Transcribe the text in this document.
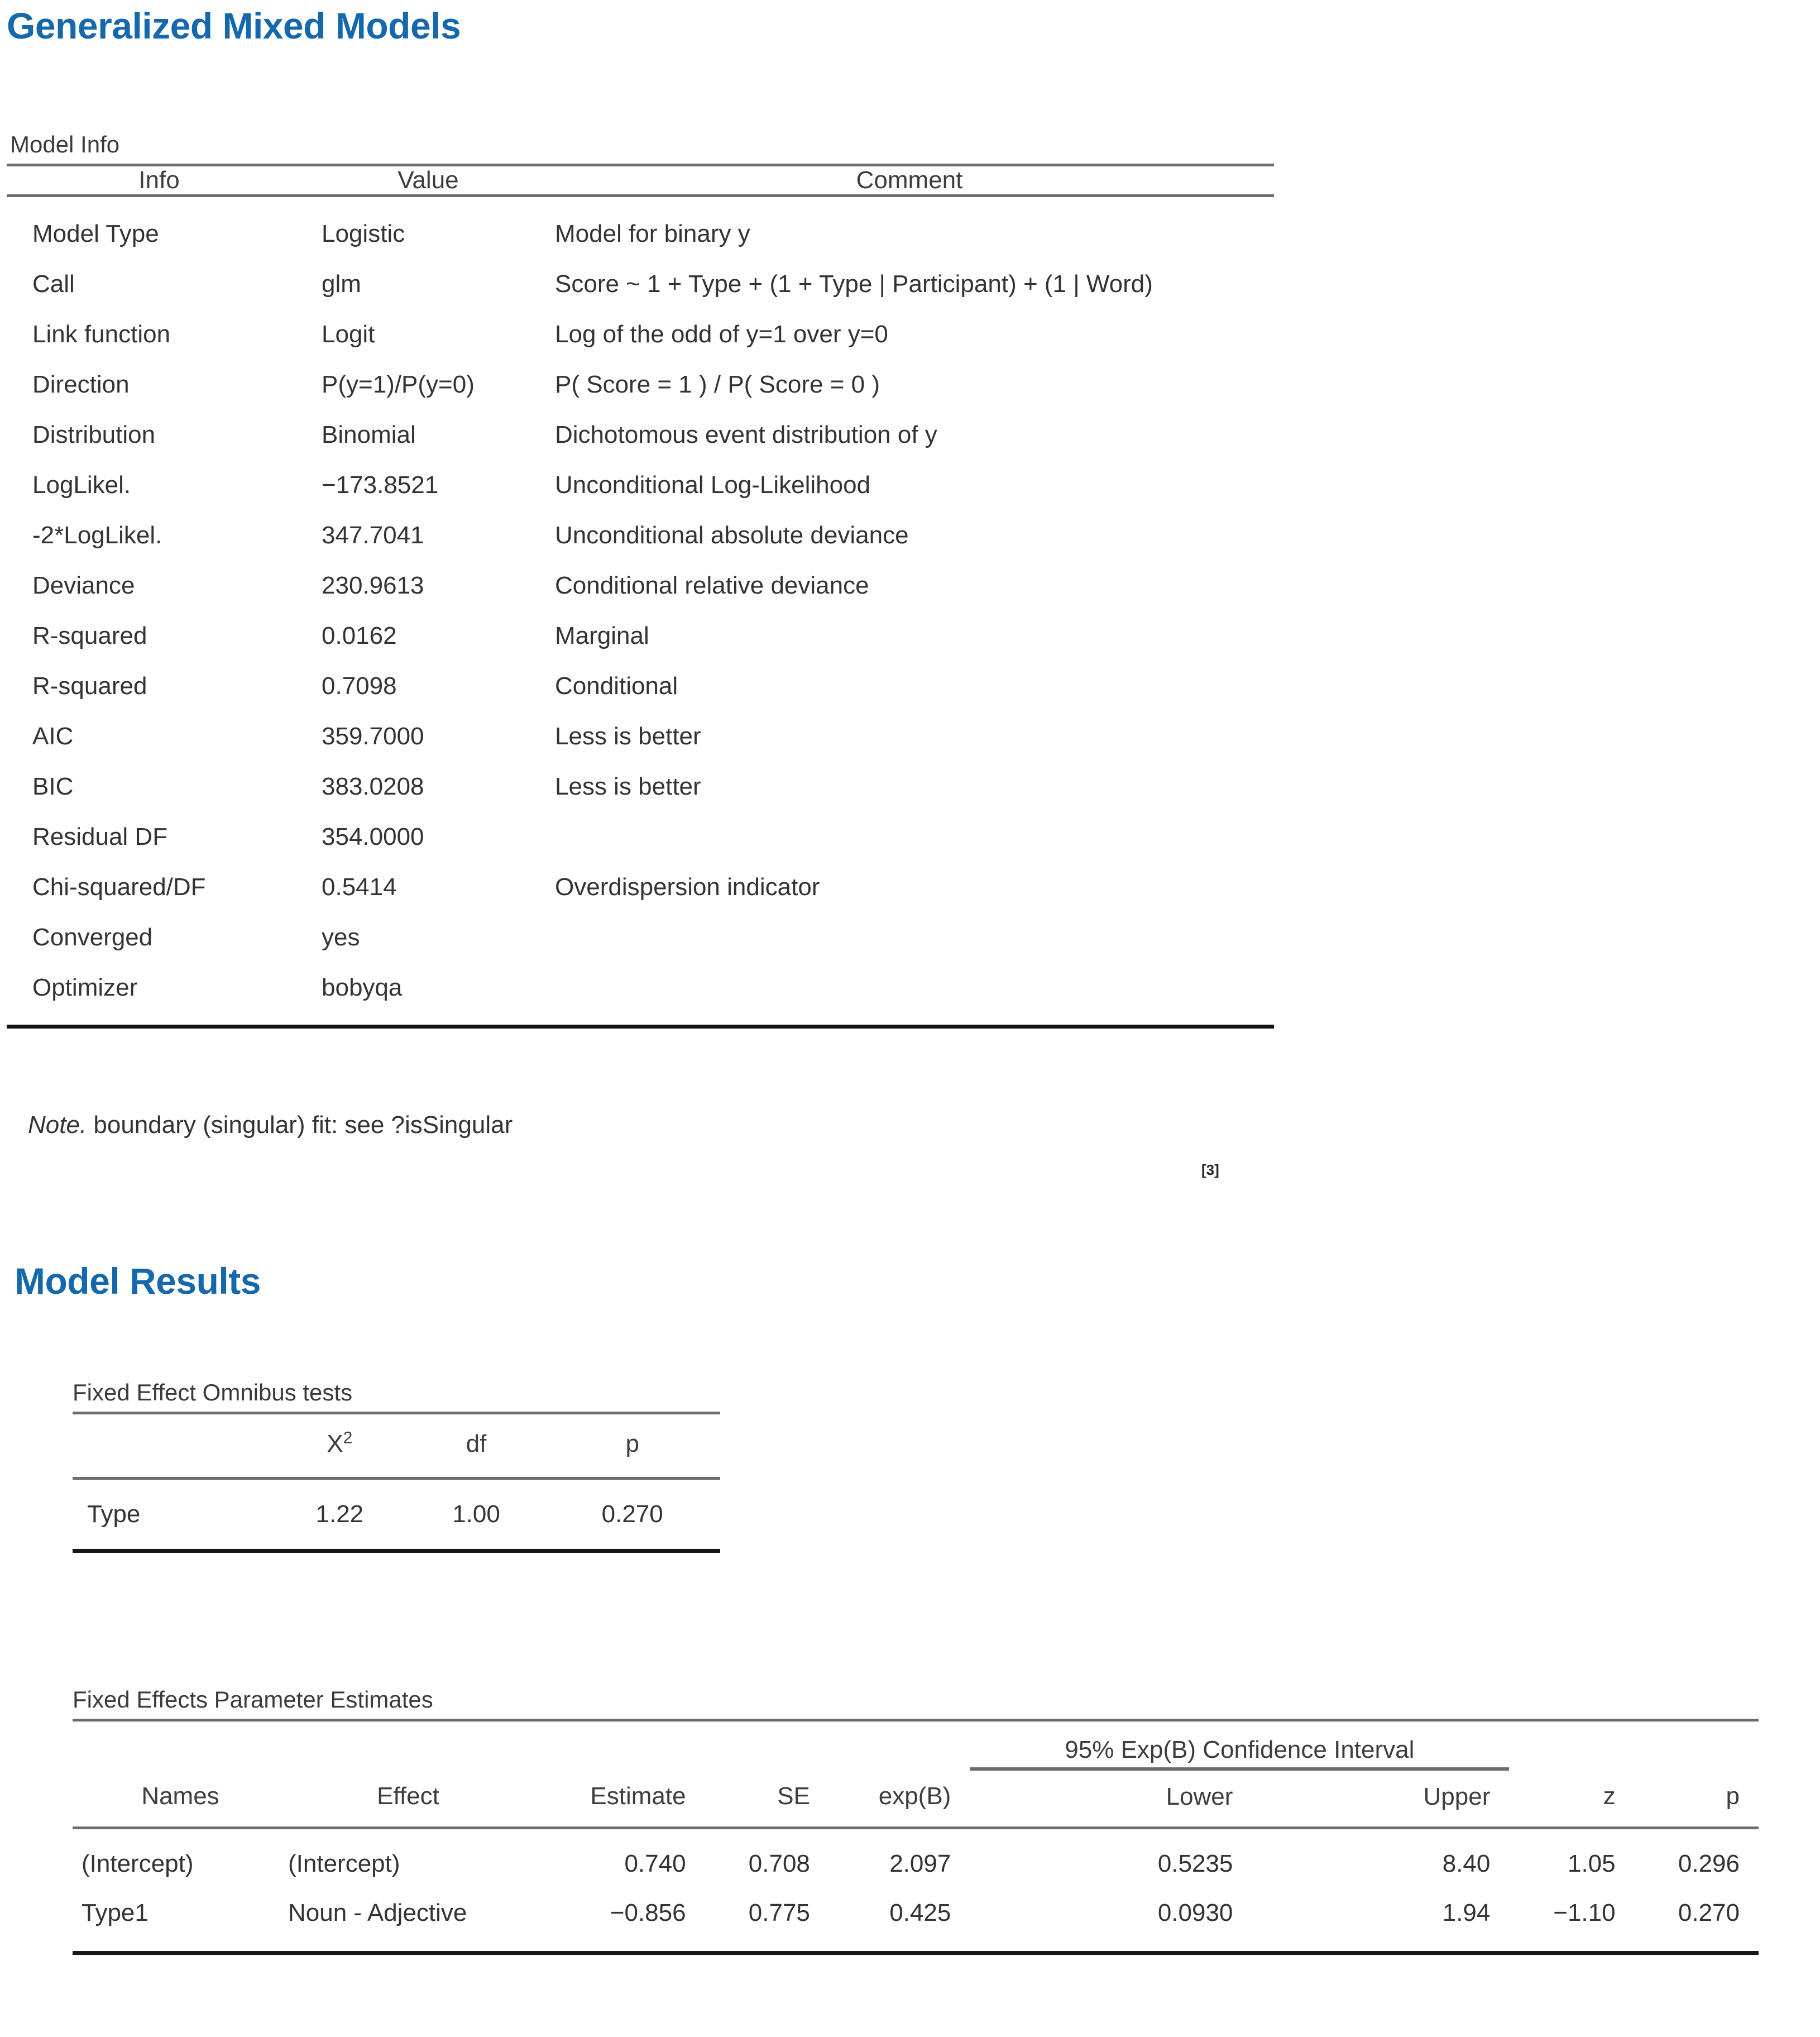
Generalized Mixed Models
Model Info
Info	Value	Comment
Model Type	Logistic	Model for binary y
Call	glm	Score ~ 1 + Type + (1 + Type | Participant) + (1 | Word)
Link function	Logit	Log of the odd of y=1 over y=0
Direction	P(y=1)/P(y=0)	P( Score = 1 ) / P( Score = 0 )
Distribution	Binomial	Dichotomous event distribution of y
LogLikel.	−173.8521	Unconditional Log-Likelihood
-2*LogLikel.	347.7041	Unconditional absolute deviance
Deviance	230.9613	Conditional relative deviance
R-squared	0.0162	Marginal
R-squared	0.7098	Conditional
AIC	359.7000	Less is better
BIC	383.0208	Less is better
Residual DF	354.0000	
Chi-squared/DF	0.5414	Overdispersion indicator
Converged	yes	
Optimizer	bobyqa	

Note. boundary (singular) fit: see ?isSingular
[3]
Model Results
Fixed Effect Omnibus tests
	$X^2$	df	p
Type	1.22	1.00	0.270

Fixed Effects Parameter Estimates
					95% Exp(B) Confidence Interval			
Names	Effect	Estimate	SE	exp(B)	Lower	Upper	z	p
(Intercept)	(Intercept)	0.740	0.708	2.097	0.5235	8.40	1.05	0.296
Type1	Noun - Adjective	−0.856	0.775	0.425	0.0930	1.94	−1.10	0.270
